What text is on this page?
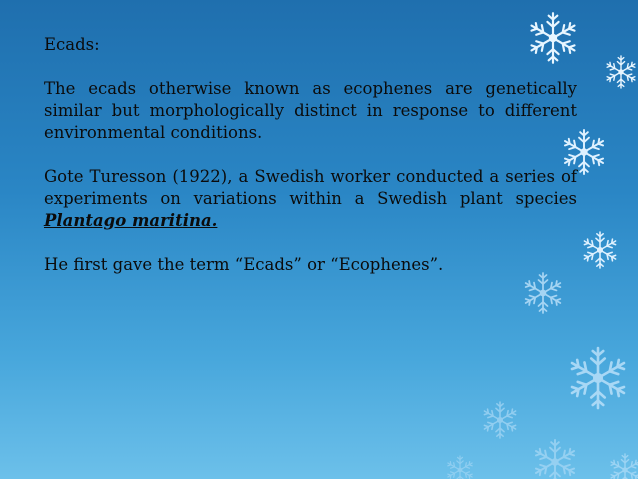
Ecads:

The ecads otherwise known as ecophenes are genetically similar but morphologically distinct in response to different environmental conditions.

Gote Turesson (1922), a Swedish worker conducted a series of experiments on variations within a Swedish plant species Plantago maritina.

He first gave the term “Ecads” or “Ecophenes”.
